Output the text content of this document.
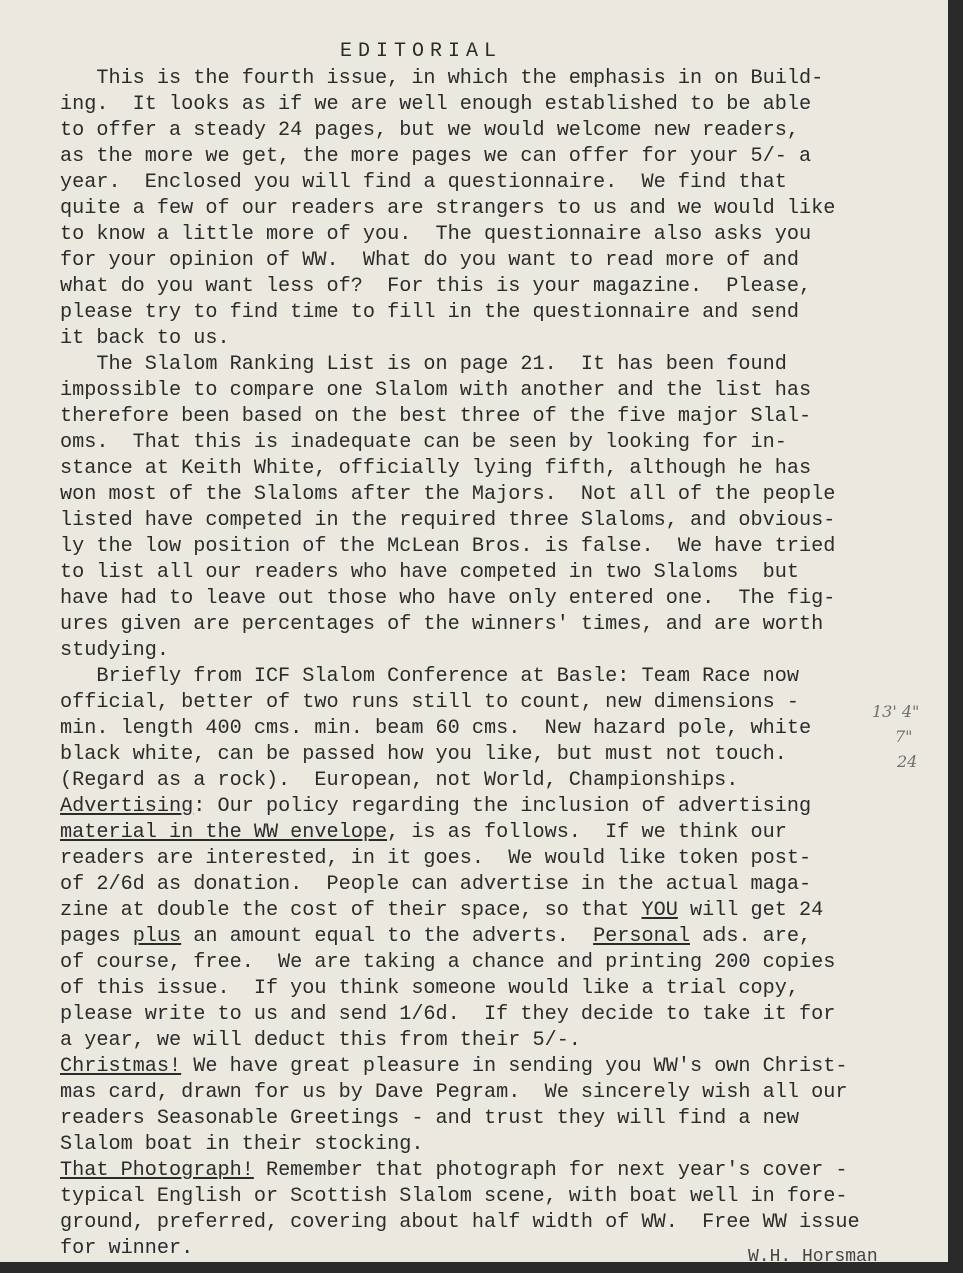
EDITORIAL
This is the fourth issue, in which the emphasis in on Build-
ing.  It looks as if we are well enough established to be able
to offer a steady 24 pages, but we would welcome new readers,
as the more we get, the more pages we can offer for your 5/- a
year.  Enclosed you will find a questionnaire.  We find that
quite a few of our readers are strangers to us and we would like
to know a little more of you.  The questionnaire also asks you
for your opinion of WW.  What do you want to read more of and
what do you want less of?  For this is your magazine.  Please,
please try to find time to fill in the questionnaire and send
it back to us.
The Slalom Ranking List is on page 21.  It has been found
impossible to compare one Slalom with another and the list has
therefore been based on the best three of the five major Slal-
oms.  That this is inadequate can be seen by looking for in-
stance at Keith White, officially lying fifth, although he has
won most of the Slaloms after the Majors.  Not all of the people
listed have competed in the required three Slaloms, and obvious-
ly the low position of the McLean Bros. is false.  We have tried
to list all our readers who have competed in two Slaloms  but
have had to leave out those who have only entered one.  The fig-
ures given are percentages of the winners' times, and are worth
studying.
Briefly from ICF Slalom Conference at Basle: Team Race now
official, better of two runs still to count, new dimensions -
min. length 400 cms. min. beam 60 cms.  New hazard pole, white
black white, can be passed how you like, but must not touch.
(Regard as a rock).  European, not World, Championships.
Advertising: Our policy regarding the inclusion of advertising
material in the WW envelope, is as follows.  If we think our
readers are interested, in it goes.  We would like token post-
of 2/6d as donation.  People can advertise in the actual maga-
zine at double the cost of their space, so that YOU will get 24
pages plus an amount equal to the adverts.  Personal ads. are,
of course, free.  We are taking a chance and printing 200 copies
of this issue.  If you think someone would like a trial copy,
please write to us and send 1/6d.  If they decide to take it for
a year, we will deduct this from their 5/-.
Christmas! We have great pleasure in sending you WW's own Christ-
mas card, drawn for us by Dave Pegram.  We sincerely wish all our
readers Seasonable Greetings - and trust they will find a new
Slalom boat in their stocking.
That Photograph! Remember that photograph for next year's cover -
typical English or Scottish Slalom scene, with boat well in fore-
ground, preferred, covering about half width of WW.  Free WW issue
for winner.
13' 4"
7"
24
W.H. Horsman
